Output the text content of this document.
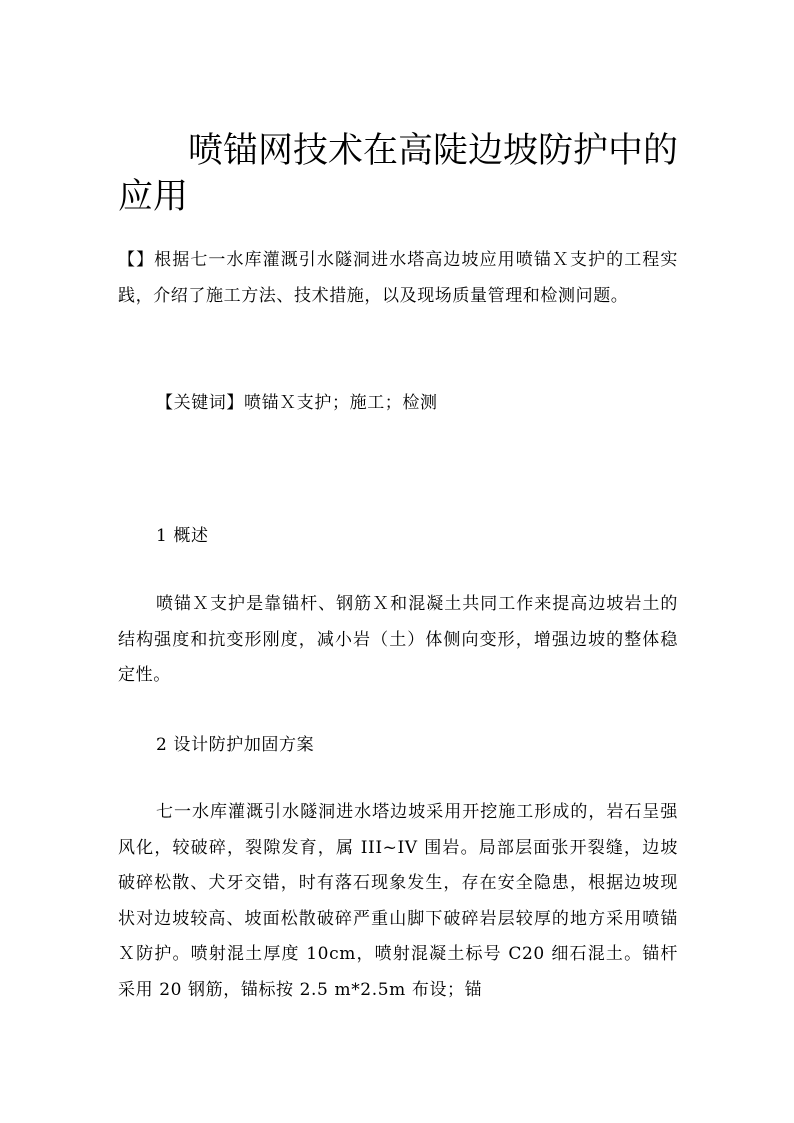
喷锚网技术在高陡边坡防护中的应用

【】根据七一水库灌溉引水隧洞进水塔高边坡应用喷锚Ｘ支护的工程实践，介绍了施工方法、技术措施，以及现场质量管理和检测问题。

【关键词】喷锚Ｘ支护；施工；检测

1 概述

喷锚Ｘ支护是靠锚杆、钢筋Ｘ和混凝土共同工作来提高边坡岩土的结构强度和抗变形刚度，减小岩（土）体侧向变形，增强边坡的整体稳定性。

2 设计防护加固方案

七一水库灌溉引水隧洞进水塔边坡采用开挖施工形成的，岩石呈强风化，较破碎，裂隙发育，属 III~IV 围岩。局部层面张开裂缝，边坡破碎松散、犬牙交错，时有落石现象发生，存在安全隐患，根据边坡现状对边坡较高、坡面松散破碎严重山脚下破碎岩层较厚的地方采用喷锚Ｘ防护。喷射混土厚度 10cm，喷射混凝土标号 C20 细石混土。锚杆采用 20 钢筋，锚标按 2.5 m*2.5m 布设；锚
